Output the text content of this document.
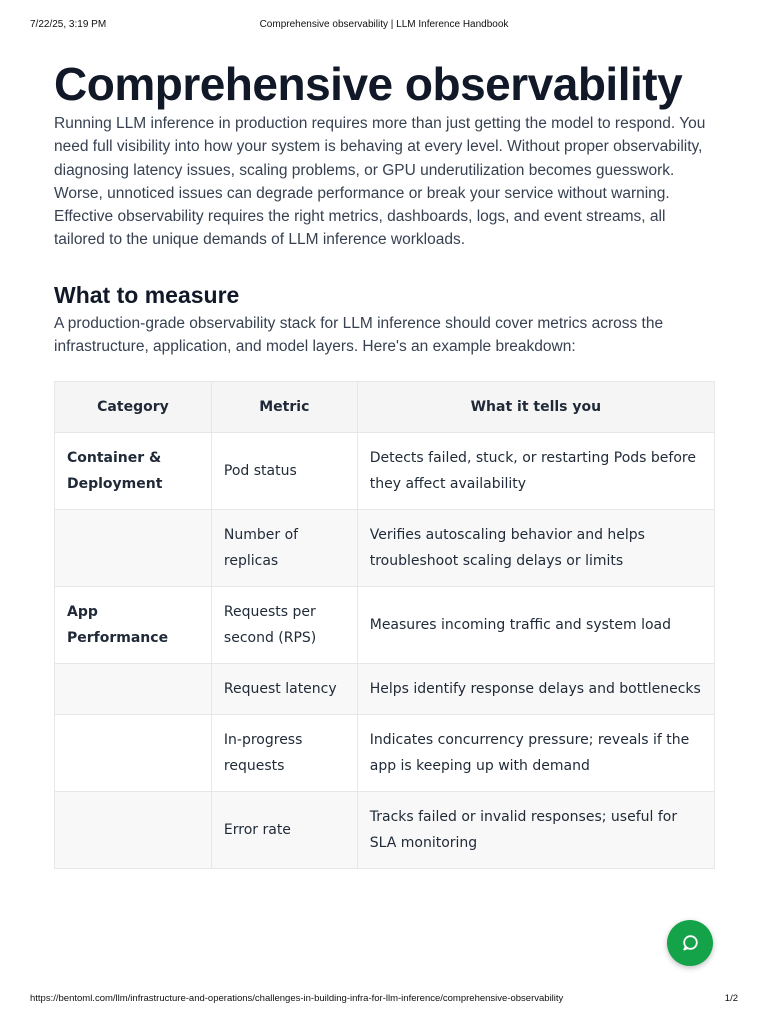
7/22/25, 3:19 PM	Comprehensive observability | LLM Inference Handbook
Comprehensive observability

Running LLM inference in production requires more than just getting the model to respond. You need full visibility into how your system is behaving at every level. Without proper observability, diagnosing latency issues, scaling problems, or GPU underutilization becomes guesswork. Worse, unnoticed issues can degrade performance or break your service without warning.

Effective observability requires the right metrics, dashboards, logs, and event streams, all tailored to the unique demands of LLM inference workloads.

What to measure

A production-grade observability stack for LLM inference should cover metrics across the infrastructure, application, and model layers. Here's an example breakdown:

Category	Metric	What it tells you
Container & Deployment	Pod status	Detects failed, stuck, or restarting Pods before they affect availability
	Number of replicas	Verifies autoscaling behavior and helps troubleshoot scaling delays or limits
App Performance	Requests per second (RPS)	Measures incoming traffic and system load
	Request latency	Helps identify response delays and bottlenecks
	In-progress requests	Indicates concurrency pressure; reveals if the app is keeping up with demand
	Error rate	Tracks failed or invalid responses; useful for SLA monitoring
https://bentoml.com/llm/infrastructure-and-operations/challenges-in-building-infra-for-llm-inference/comprehensive-observability	1/2
